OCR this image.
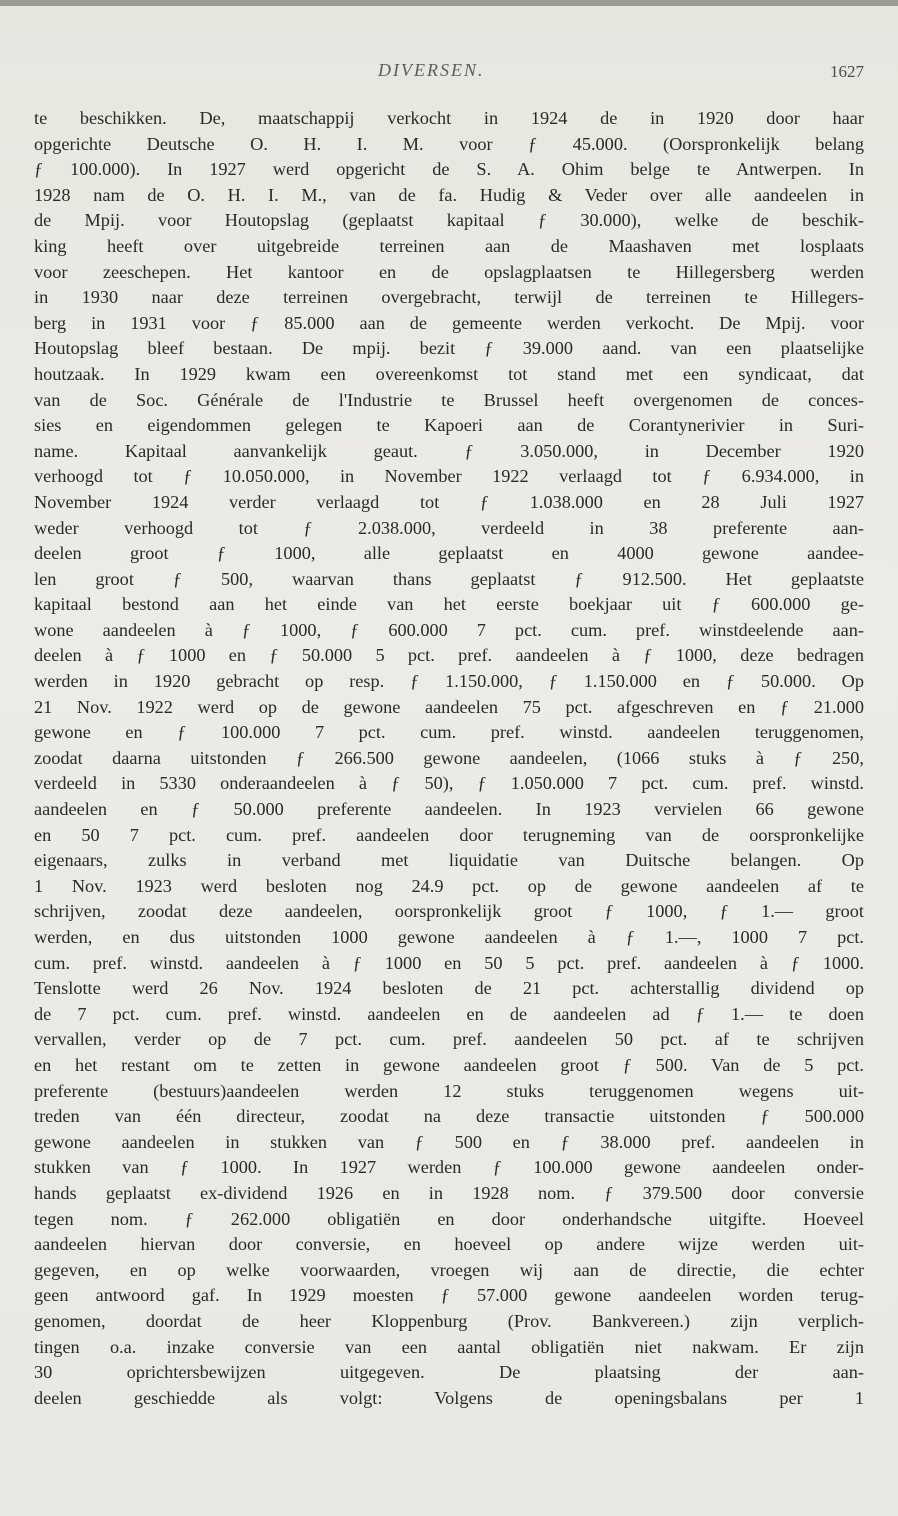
DIVERSEN.	1627
te beschikken. De, maatschappij verkocht in 1924 de in 1920 door haar
opgerichte Deutsche O. H. I. M. voor ƒ 45.000. (Oorspronkelijk belang
ƒ 100.000). In 1927 werd opgericht de S. A. Ohim belge te Antwerpen. In
1928 nam de O. H. I. M., van de fa. Hudig & Veder over alle aandeelen in
de Mpij. voor Houtopslag (geplaatst kapitaal ƒ 30.000), welke de beschik-
king heeft over uitgebreide terreinen aan de Maashaven met losplaats
voor zeeschepen. Het kantoor en de opslagplaatsen te Hillegersberg werden
in 1930 naar deze terreinen overgebracht, terwijl de terreinen te Hillegers-
berg in 1931 voor ƒ 85.000 aan de gemeente werden verkocht. De Mpij. voor
Houtopslag bleef bestaan. De mpij. bezit ƒ 39.000 aand. van een plaatselijke
houtzaak. In 1929 kwam een overeenkomst tot stand met een syndicaat, dat
van de Soc. Générale de l'Industrie te Brussel heeft overgenomen de conces-
sies en eigendommen gelegen te Kapoeri aan de Corantynerivier in Suri-
name. Kapitaal aanvankelijk geaut. ƒ 3.050.000, in December 1920
verhoogd tot ƒ 10.050.000, in November 1922 verlaagd tot ƒ 6.934.000, in
November 1924 verder verlaagd tot ƒ 1.038.000 en 28 Juli 1927
weder verhoogd tot ƒ 2.038.000, verdeeld in 38 preferente aan-
deelen groot ƒ 1000, alle geplaatst en 4000 gewone aandee-
len groot ƒ 500, waarvan thans geplaatst ƒ 912.500. Het geplaatste
kapitaal bestond aan het einde van het eerste boekjaar uit ƒ 600.000 ge-
wone aandeelen à ƒ 1000, ƒ 600.000 7 pct. cum. pref. winstdeelende aan-
deelen à ƒ 1000 en ƒ 50.000 5 pct. pref. aandeelen à ƒ 1000, deze bedragen
werden in 1920 gebracht op resp. ƒ 1.150.000, ƒ 1.150.000 en ƒ 50.000. Op
21 Nov. 1922 werd op de gewone aandeelen 75 pct. afgeschreven en ƒ 21.000
gewone en ƒ 100.000 7 pct. cum. pref. winstd. aandeelen teruggenomen,
zoodat daarna uitstonden ƒ 266.500 gewone aandeelen, (1066 stuks à ƒ 250,
verdeeld in 5330 onderaandeelen à ƒ 50), ƒ 1.050.000 7 pct. cum. pref. winstd.
aandeelen en ƒ 50.000 preferente aandeelen. In 1923 vervielen 66 gewone
en 50 7 pct. cum. pref. aandeelen door terugneming van de oorspronkelijke
eigenaars, zulks in verband met liquidatie van Duitsche belangen. Op
1 Nov. 1923 werd besloten nog 24.9 pct. op de gewone aandeelen af te
schrijven, zoodat deze aandeelen, oorspronkelijk groot ƒ 1000, ƒ 1.— groot
werden, en dus uitstonden 1000 gewone aandeelen à ƒ 1.—, 1000 7 pct.
cum. pref. winstd. aandeelen à ƒ 1000 en 50 5 pct. pref. aandeelen à ƒ 1000.
Tenslotte werd 26 Nov. 1924 besloten de 21 pct. achterstallig dividend op
de 7 pct. cum. pref. winstd. aandeelen en de aandeelen ad ƒ 1.— te doen
vervallen, verder op de 7 pct. cum. pref. aandeelen 50 pct. af te schrijven
en het restant om te zetten in gewone aandeelen groot ƒ 500. Van de 5 pct.
preferente (bestuurs)aandeelen werden 12 stuks teruggenomen wegens uit-
treden van één directeur, zoodat na deze transactie uitstonden ƒ 500.000
gewone aandeelen in stukken van ƒ 500 en ƒ 38.000 pref. aandeelen in
stukken van ƒ 1000. In 1927 werden ƒ 100.000 gewone aandeelen onder-
hands geplaatst ex-dividend 1926 en in 1928 nom. ƒ 379.500 door conversie
tegen nom. ƒ 262.000 obligatiën en door onderhandsche uitgifte. Hoeveel
aandeelen hiervan door conversie, en hoeveel op andere wijze werden uit-
gegeven, en op welke voorwaarden, vroegen wij aan de directie, die echter
geen antwoord gaf. In 1929 moesten ƒ 57.000 gewone aandeelen worden terug-
genomen, doordat de heer Kloppenburg (Prov. Bankvereen.) zijn verplich-
tingen o.a. inzake conversie van een aantal obligatiën niet nakwam. Er zijn
30 oprichtersbewijzen uitgegeven. De plaatsing der aan-
deelen geschiedde als volgt: Volgens de openingsbalans per 1
